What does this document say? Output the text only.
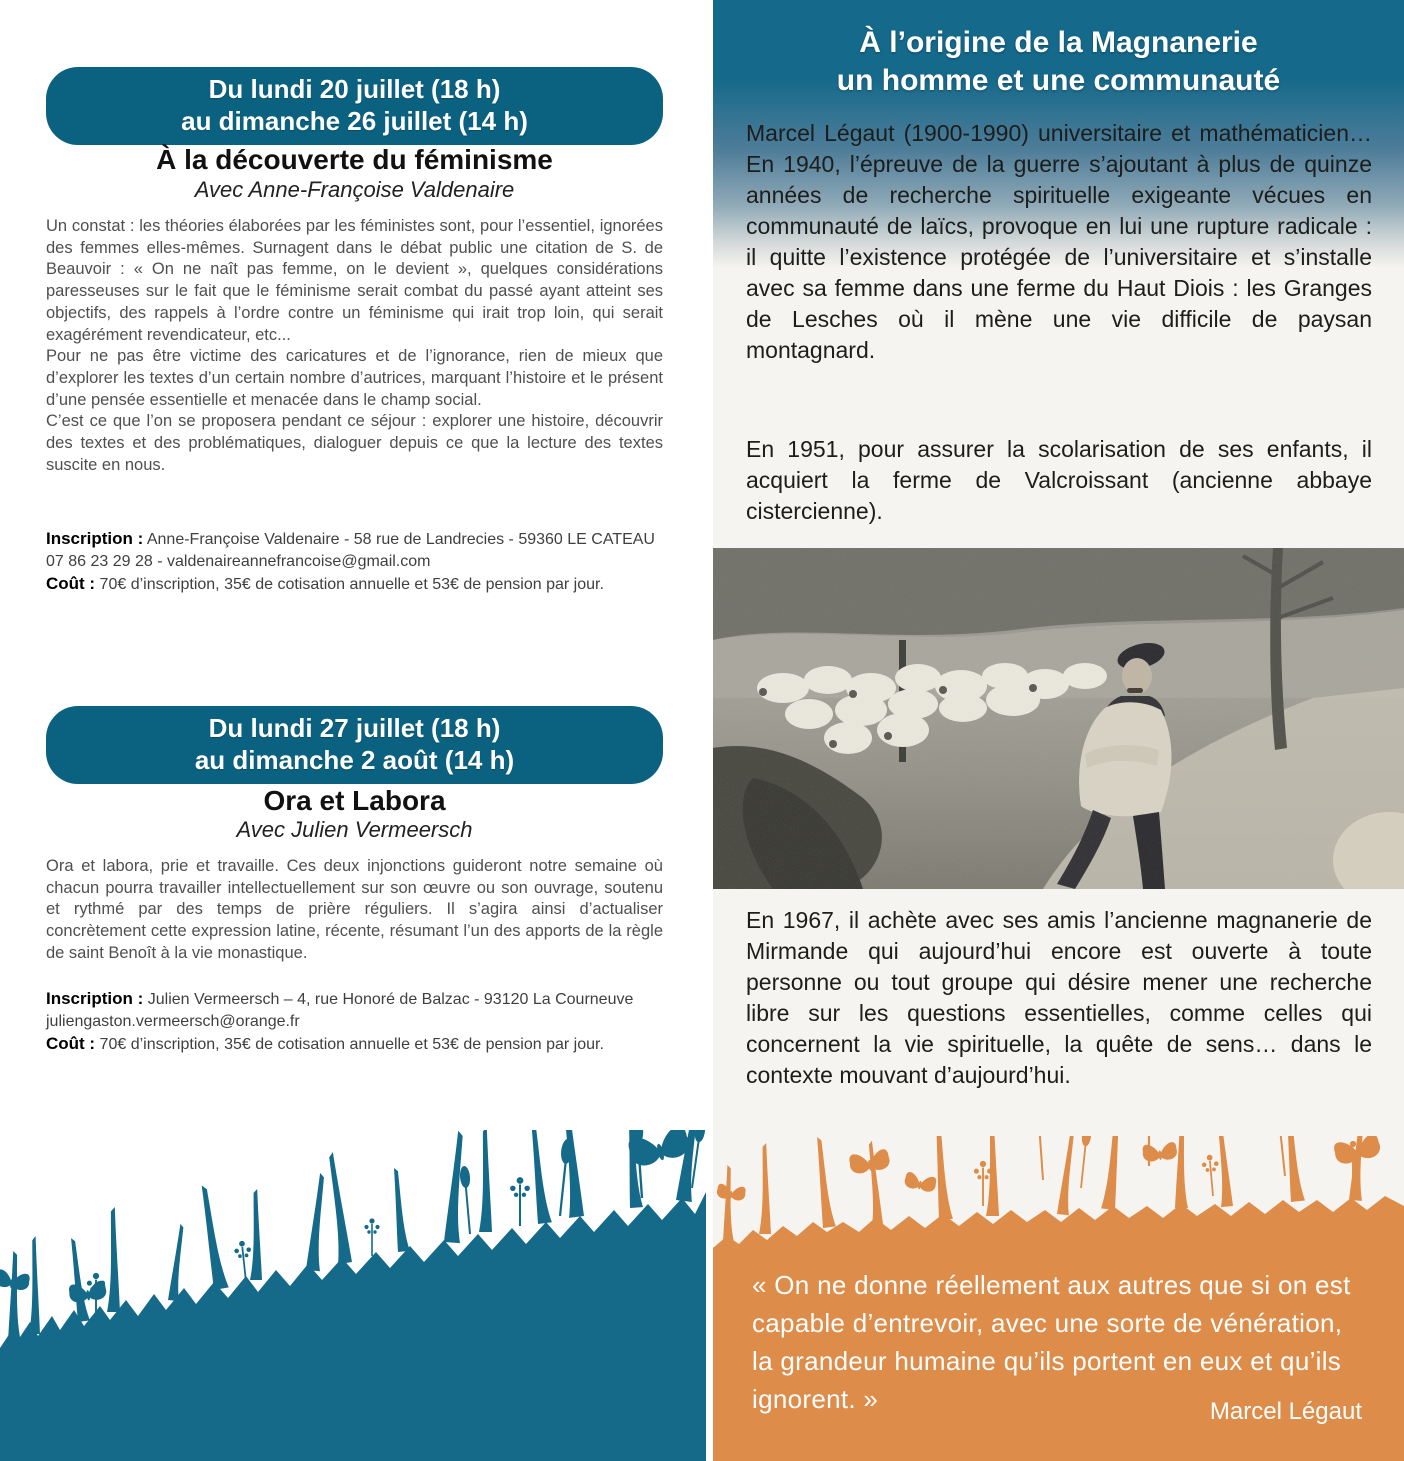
Du lundi 20 juillet (18 h)
au dimanche 26 juillet (14 h)
À la découverte du féminisme
Avec Anne-Françoise Valdenaire

Un constat : les théories élaborées par les féministes sont, pour l’essentiel, ignorées des femmes elles-mêmes. Surnagent dans le débat public une citation de S. de Beauvoir : « On ne naît pas femme, on le devient », quelques considérations paresseuses sur le fait que le féminisme serait combat du passé ayant atteint ses objectifs, des rappels à l’ordre contre un féminisme qui irait trop loin, qui serait exagérément revendicateur, etc...

Pour ne pas être victime des caricatures et de l’ignorance, rien de mieux que d’explorer les textes d’un certain nombre d’autrices, marquant l’histoire et le présent d’une pensée essentielle et menacée dans le champ social.

C’est ce que l’on se proposera pendant ce séjour : explorer une histoire, découvrir des textes et des problématiques, dialoguer depuis ce que la lecture des textes suscite en nous.

Inscription : Anne-Françoise Valdenaire - 58 rue de Landrecies - 59360 LE CATEAU
07 86 23 29 28 - valdenaireannefrancoise@gmail.com
Coût : 70€ d’inscription, 35€ de cotisation annuelle et 53€ de pension par jour.
Du lundi 27 juillet (18 h)
au dimanche 2 août (14 h)
Ora et Labora
Avec Julien Vermeersch

Ora et labora, prie et travaille. Ces deux injonctions guideront notre semaine où chacun pourra travailler intellectuellement sur son œuvre ou son ouvrage, soutenu et rythmé par des temps de prière réguliers. Il s’agira ainsi d’actualiser concrètement cette expression latine, récente, résumant l’un des apports de la règle de saint Benoît à la vie monastique.

Inscription : Julien Vermeersch – 4, rue Honoré de Balzac - 93120 La Courneuve
juliengaston.vermeersch@orange.fr
Coût : 70€ d’inscription, 35€ de cotisation annuelle et 53€ de pension par jour.
À l’origine de la Magnanerie
un homme et une communauté
Marcel Légaut (1900-1990) universitaire et mathématicien… En 1940, l’épreuve de la guerre s’ajoutant à plus de quinze années de recherche spirituelle exigeante vécues en communauté de laïcs, provoque en lui une rupture radicale : il quitte l’existence protégée de l’universitaire et s’installe avec sa femme dans une ferme du Haut Diois : les Granges de Lesches où il mène une vie difficile de paysan montagnard.
En 1951, pour assurer la scolarisation de ses enfants, il acquiert la ferme de Valcroissant (ancienne abbaye cistercienne).
En 1967, il achète avec ses amis l’ancienne magnanerie de Mirmande qui aujourd’hui encore est ouverte à toute personne ou tout groupe qui désire mener une recherche libre sur les questions essentielles, comme celles qui concernent la vie spirituelle, la quête de sens… dans le contexte mouvant d’aujourd’hui.
« On ne donne réellement aux autres que si on est capable d’entrevoir, avec une sorte de vénération, la grandeur humaine qu’ils portent en eux et qu’ils ignorent. »	Marcel Légaut
